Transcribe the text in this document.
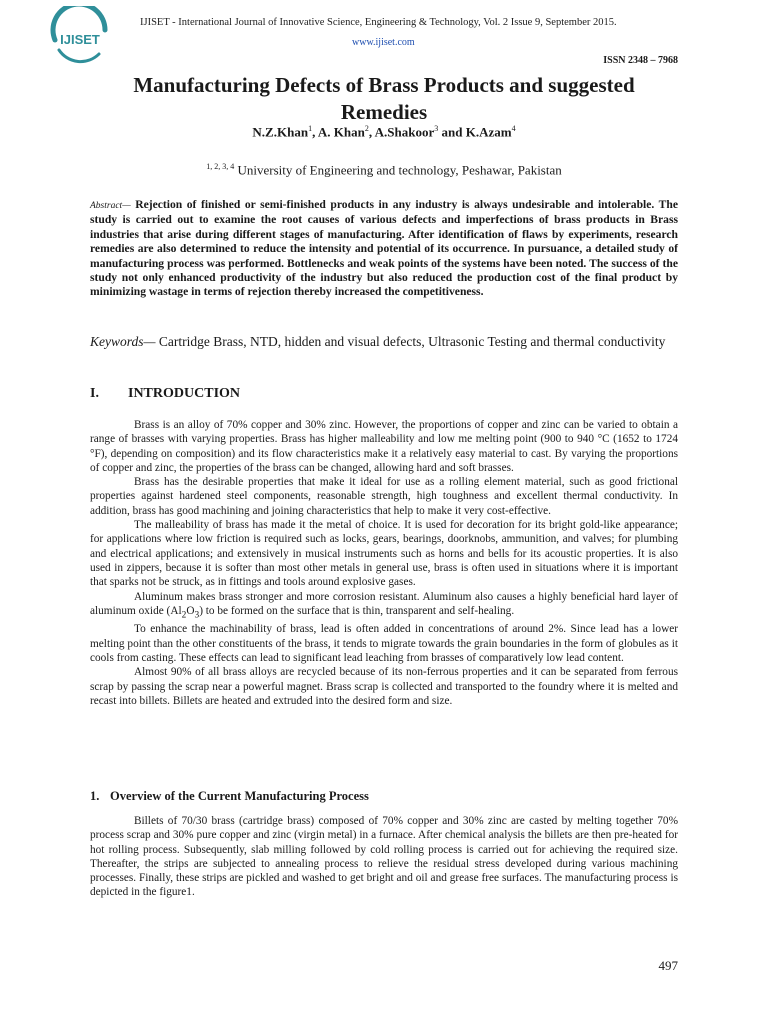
IJISET
IJISET - International Journal of Innovative Science, Engineering & Technology, Vol. 2 Issue 9, September 2015.
www.ijiset.com
ISSN 2348 – 7968
Manufacturing Defects of Brass Products and suggested Remedies
N.Z.Khan$^1$, A. Khan$^2$, A.Shakoor$^3$ and K.Azam$^4$
$^{1, 2, 3, 4}$ University of Engineering and technology, Peshawar, Pakistan
Abstract— Rejection of finished or semi-finished products in any industry is always undesirable and intolerable. The study is carried out to examine the root causes of various defects and imperfections of brass products in Brass industries that arise during different stages of manufacturing. After identification of flaws by experiments, research remedies are also determined to reduce the intensity and potential of its occurrence. In pursuance, a detailed study of manufacturing process was performed. Bottlenecks and weak points of the systems have been noted. The success of the study not only enhanced productivity of the industry but also reduced the production cost of the final product by minimizing wastage in terms of rejection thereby increased the competitiveness.
Keywords— Cartridge Brass, NTD, hidden and visual defects, Ultrasonic Testing and thermal conductivity
I. INTRODUCTION

Brass is an alloy of 70% copper and 30% zinc. However, the proportions of copper and zinc can be varied to obtain a range of brasses with varying properties. Brass has higher malleability and low me melting point (900 to 940 °C (1652 to 1724 °F), depending on composition) and its flow characteristics make it a relatively easy material to cast. By varying the proportions of copper and zinc, the properties of the brass can be changed, allowing hard and soft brasses.

Brass has the desirable properties that make it ideal for use as a rolling element material, such as good frictional properties against hardened steel components, reasonable strength, high toughness and excellent thermal conductivity. In addition, brass has good machining and joining characteristics that help to make it very cost-effective.

The malleability of brass has made it the metal of choice. It is used for decoration for its bright gold-like appearance; for applications where low friction is required such as locks, gears, bearings, doorknobs, ammunition, and valves; for plumbing and electrical applications; and extensively in musical instruments such as horns and bells for its acoustic properties. It is also used in zippers, because it is softer than most other metals in general use, brass is often used in situations where it is important that sparks not be struck, as in fittings and tools around explosive gases.

Aluminum makes brass stronger and more corrosion resistant. Aluminum also causes a highly beneficial hard layer of aluminum oxide $(Al_2O_3)$ to be formed on the surface that is thin, transparent and self-healing.

To enhance the machinability of brass, lead is often added in concentrations of around 2%. Since lead has a lower melting point than the other constituents of the brass, it tends to migrate towards the grain boundaries in the form of globules as it cools from casting. These effects can lead to significant lead leaching from brasses of comparatively low lead content.

Almost 90% of all brass alloys are recycled because of its non-ferrous properties and it can be separated from ferrous scrap by passing the scrap near a powerful magnet. Brass scrap is collected and transported to the foundry where it is melted and recast into billets. Billets are heated and extruded into the desired form and size.

1. Overview of the Current Manufacturing Process

Billets of 70/30 brass (cartridge brass) composed of 70% copper and 30% zinc are casted by melting together 70% process scrap and 30% pure copper and zinc (virgin metal) in a furnace. After chemical analysis the billets are then pre-heated for hot rolling process. Subsequently, slab milling followed by cold rolling process is carried out for achieving the required size. Thereafter, the strips are subjected to annealing process to relieve the residual stress developed during various machining processes. Finally, these strips are pickled and washed to get bright and oil and grease free surfaces. The manufacturing process is depicted in the figure1.

497
